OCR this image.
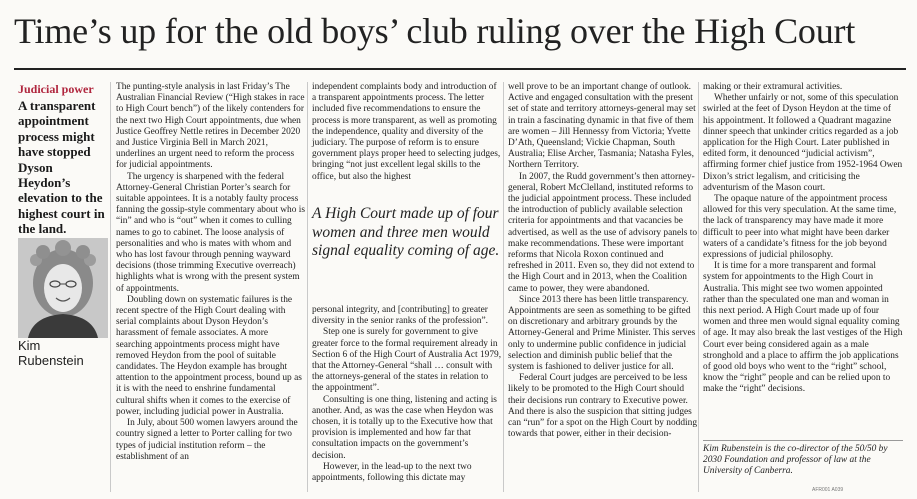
Time’s up for the old boys’ club ruling over the High Court
Judicial power
A transparent appointment process might have stopped Dyson Heydon’s elevation to the highest court in the land.
Kim Rubenstein

The punting-style analysis in last Friday’s The Australian Financial Review (“High stakes in race to High Court bench”) of the likely contenders for the next two High Court appointments, due when Justice Geoffrey Nettle retires in December 2020 and Justice Virginia Bell in March 2021, underlines an urgent need to reform the process for judicial appointments.

The urgency is sharpened with the federal Attorney-General Christian Porter’s search for suitable appointees. It is a notably faulty process fanning the gossip-style commentary about who is “in” and who is “out” when it comes to culling names to go to cabinet. The loose analysis of personalities and who is mates with whom and who has lost favour through penning wayward decisions (those trimming Executive overreach) highlights what is wrong with the present system of appointments.

Doubling down on systematic failures is the recent spectre of the High Court dealing with serial complaints about Dyson Heydon’s harassment of female associates. A more searching appointments process might have removed Heydon from the pool of suitable candidates. The Heydon example has brought attention to the appointment process, bound up as it is with the need to enshrine fundamental cultural shifts when it comes to the exercise of power, including judicial power in Australia.

In July, about 500 women lawyers around the country signed a letter to Porter calling for two types of judicial institution reform – the establishment of an

independent complaints body and introduction of a transparent appointments process. The letter included five recommendations to ensure the process is more transparent, as well as promoting the independence, quality and diversity of the judiciary. The purpose of reform is to ensure government plays proper heed to selecting judges, bringing “not just excellent legal skills to the office, but also the highest

A High Court made up of four women and three men would signal equality coming of age.

personal integrity, and [contributing] to greater diversity in the senior ranks of the profession”.

Step one is surely for government to give greater force to the formal requirement already in Section 6 of the High Court of Australia Act 1979, that the Attorney-General “shall … consult with the attorneys-general of the states in relation to the appointment”.

Consulting is one thing, listening and acting is another. And, as was the case when Heydon was chosen, it is totally up to the Executive how that provision is implemented and how far that consultation impacts on the government’s decision.

However, in the lead-up to the next two appointments, following this dictate may

well prove to be an important change of outlook. Active and engaged consultation with the present set of state and territory attorneys-general may set in train a fascinating dynamic in that five of them are women – Jill Hennessy from Victoria; Yvette D’Ath, Queensland; Vickie Chapman, South Australia; Elise Archer, Tasmania; Natasha Fyles, Northern Territory.

In 2007, the Rudd government’s then attorney-general, Robert McClelland, instituted reforms to the judicial appointment process. These included the introduction of publicly available selection criteria for appointments and that vacancies be advertised, as well as the use of advisory panels to make recommendations. These were important reforms that Nicola Roxon continued and refreshed in 2011. Even so, they did not extend to the High Court and in 2013, when the Coalition came to power, they were abandoned.

Since 2013 there has been little transparency. Appointments are seen as something to be gifted on discretionary and arbitrary grounds by the Attorney-General and Prime Minister. This serves only to undermine public confidence in judicial selection and diminish public belief that the system is fashioned to deliver justice for all.

Federal Court judges are perceived to be less likely to be promoted to the High Court should their decisions run contrary to Executive power. And there is also the suspicion that sitting judges can “run” for a spot on the High Court by nodding towards that power, either in their decision-

making or their extramural activities.

Whether unfairly or not, some of this speculation swirled at the feet of Dyson Heydon at the time of his appointment. It followed a Quadrant magazine dinner speech that unkinder critics regarded as a job application for the High Court. Later published in edited form, it denounced “judicial activism”, affirming former chief justice from 1952-1964 Owen Dixon’s strict legalism, and criticising the adventurism of the Mason court.

The opaque nature of the appointment process allowed for this very speculation. At the same time, the lack of transparency may have made it more difficult to peer into what might have been darker waters of a candidate’s fitness for the job beyond expressions of judicial philosophy.

It is time for a more transparent and formal system for appointments to the High Court in Australia. This might see two women appointed rather than the speculated one man and woman in this next period. A High Court made up of four women and three men would signal equality coming of age. It may also break the last vestiges of the High Court ever being considered again as a male stronghold and a place to affirm the job applications of good old boys who went to the “right” school, know the “right” people and can be relied upon to make the “right” decisions.

Kim Rubenstein is the co-director of the 50/50 by 2030 Foundation and professor of law at the University of Canberra.
AFR001 A039
